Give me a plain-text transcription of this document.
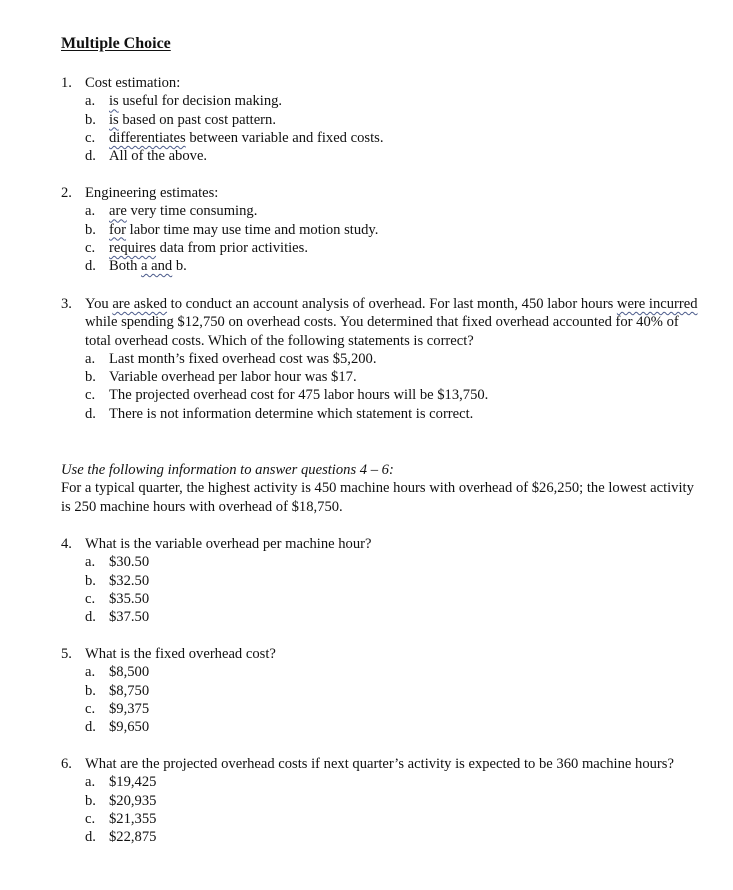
Multiple Choice
1. Cost estimation:
a. is useful for decision making.
b. is based on past cost pattern.
c. differentiates between variable and fixed costs.
d. All of the above.
2. Engineering estimates:
a. are very time consuming.
b. for labor time may use time and motion study.
c. requires data from prior activities.
d. Both a and b.
3. You are asked to conduct an account analysis of overhead. For last month, 450 labor hours were incurred while spending $12,750 on overhead costs. You determined that fixed overhead accounted for 40% of total overhead costs. Which of the following statements is correct?
a. Last month’s fixed overhead cost was $5,200.
b. Variable overhead per labor hour was $17.
c. The projected overhead cost for 475 labor hours will be $13,750.
d. There is not information determine which statement is correct.
Use the following information to answer questions 4 – 6:
For a typical quarter, the highest activity is 450 machine hours with overhead of $26,250; the lowest activity is 250 machine hours with overhead of $18,750.
4. What is the variable overhead per machine hour?
a. $30.50
b. $32.50
c. $35.50
d. $37.50
5. What is the fixed overhead cost?
a. $8,500
b. $8,750
c. $9,375
d. $9,650
6. What are the projected overhead costs if next quarter’s activity is expected to be 360 machine hours?
a. $19,425
b. $20,935
c. $21,355
d. $22,875
